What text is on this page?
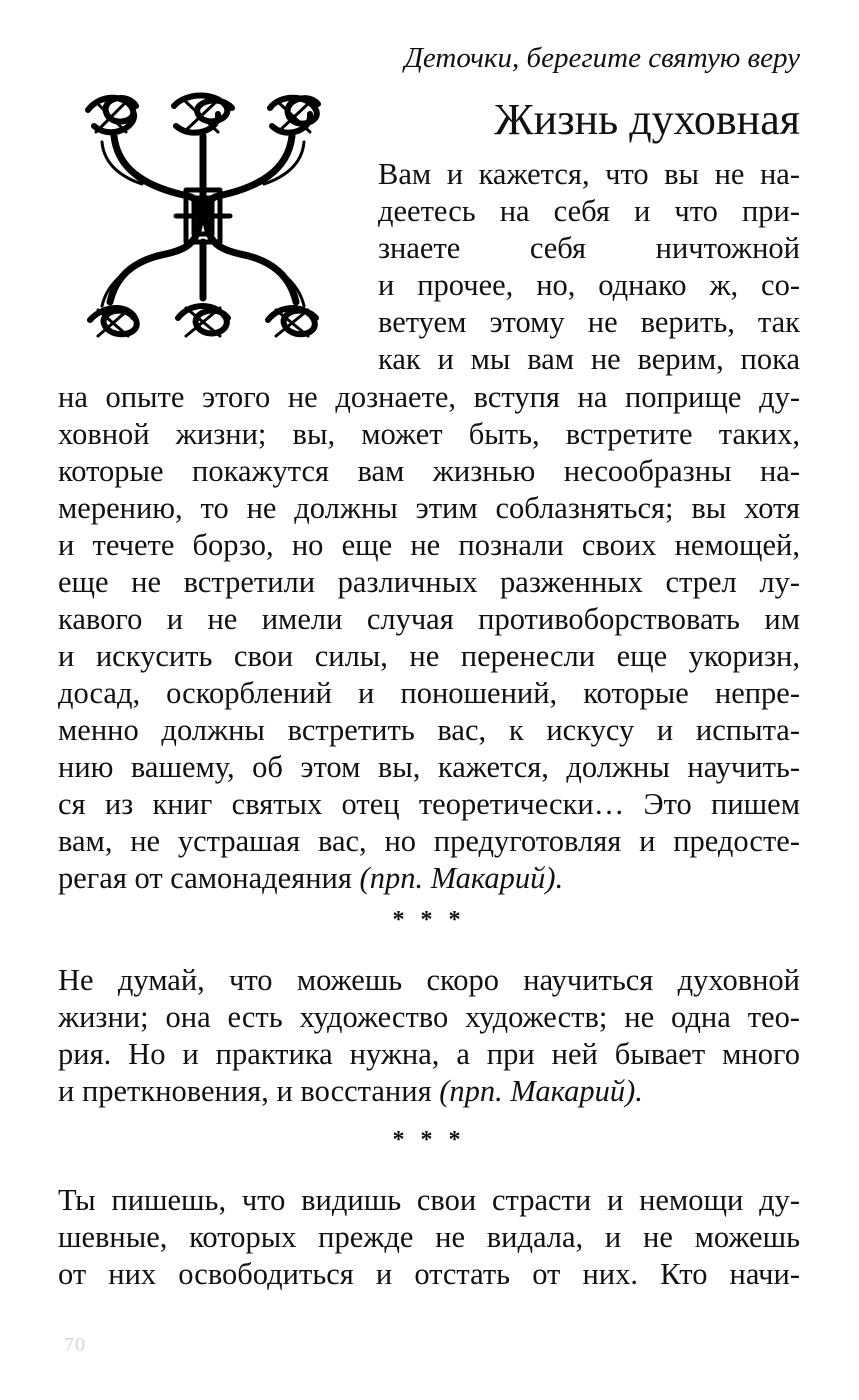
Деточки, берегите святую веру
Жизнь духовная
Вам и кажется, что вы не на-
деетесь на себя и что при-
знаете себя ничтожной
и прочее, но, однако ж, со-
ветуем этому не верить, так
как и мы вам не верим, пока
на опыте этого не дознаете, вступя на поприще ду-
ховной жизни; вы, может быть, встретите таких,
которые покажутся вам жизнью несообразны на-
мерению, то не должны этим соблазняться; вы хотя
и течете борзо, но еще не познали своих немощей,
еще не встретили различных разженных стрел лу-
кавого и не имели случая противоборствовать им
и искусить свои силы, не перенесли еще укоризн,
досад, оскорблений и поношений, которые непре-
менно должны встретить вас, к искусу и испыта-
нию вашему, об этом вы, кажется, должны научить-
ся из книг святых отец теоретически… Это пишем
вам, не устрашая вас, но предуготовляя и предосте-
регая от самонадеяния (прп. Макарий).
* * *
Не думай, что можешь скоро научиться духовной
жизни; она есть художество художеств; не одна тео-
рия. Но и практика нужна, а при ней бывает много
и преткновения, и восстания (прп. Макарий).
* * *
Ты пишешь, что видишь свои страсти и немощи ду-
шевные, которых прежде не видала, и не можешь
от них освободиться и отстать от них. Кто начи-
70
